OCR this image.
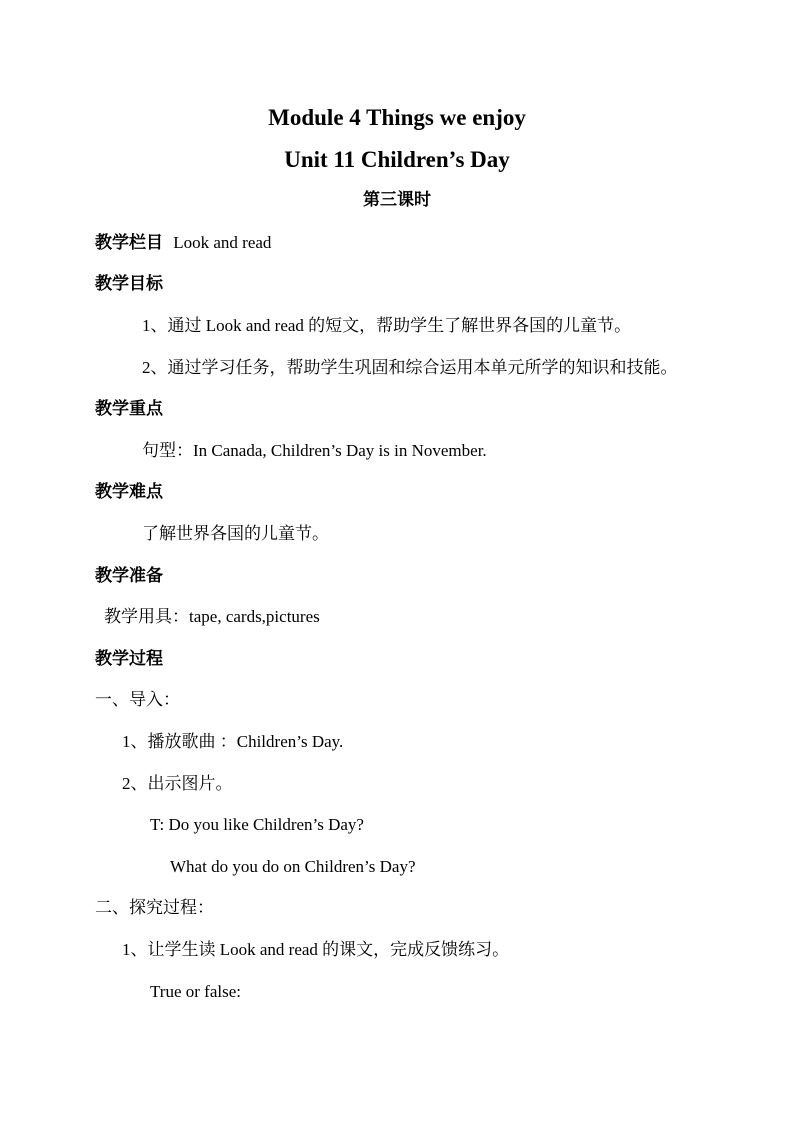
Module 4 Things we enjoy
Unit 11 Children’s Day
第三课时
教学栏目 Look and read
教学目标
1、通过 Look and read 的短文，帮助学生了解世界各国的儿童节。
2、通过学习任务，帮助学生巩固和综合运用本单元所学的知识和技能。
教学重点
句型：In Canada, Children’s Day is in November.
教学难点
了解世界各国的儿童节。
教学准备
教学用具：tape, cards,pictures
教学过程
一、导入：
1、播放歌曲 ：Children’s Day.
2、出示图片。
T: Do you like Children’s Day?
What do you do on Children’s Day?
二、探究过程：
1、让学生读 Look and read 的课文，完成反馈练习。
True or false:
